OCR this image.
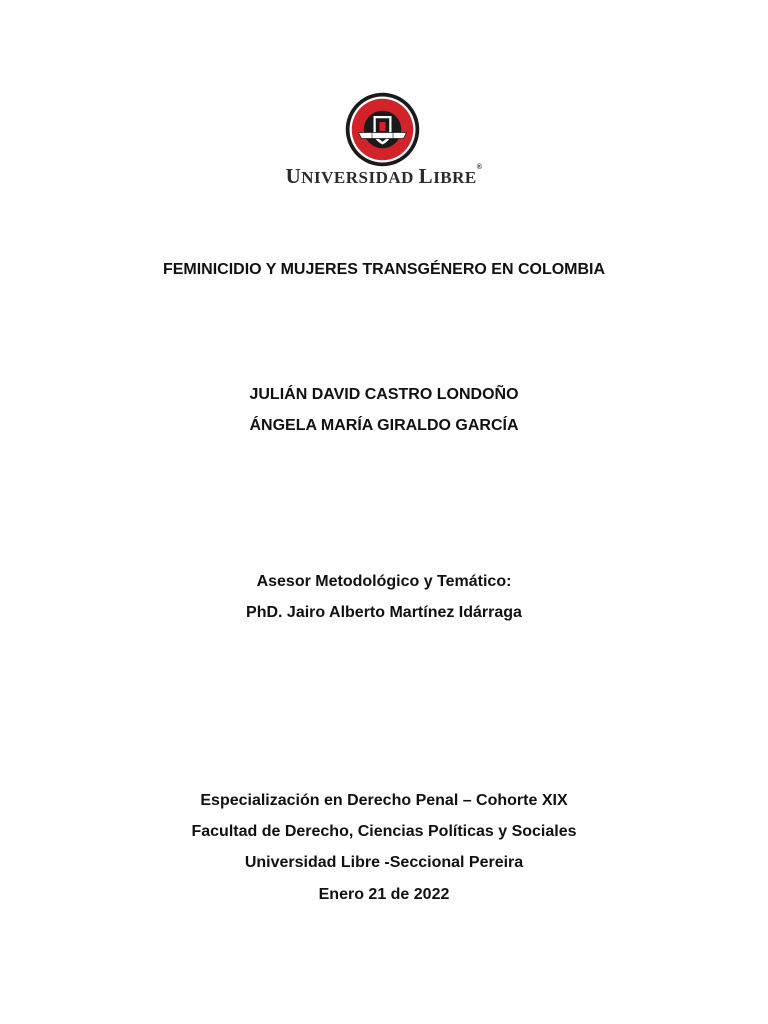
UNIVERSIDAD LIBRE®
FEMINICIDIO Y MUJERES TRANSGÉNERO EN COLOMBIA
JULIÁN DAVID CASTRO LONDOÑO
ÁNGELA MARÍA GIRALDO GARCÍA
Asesor Metodológico y Temático:
PhD. Jairo Alberto Martínez Idárraga
Especialización en Derecho Penal – Cohorte XIX
Facultad de Derecho, Ciencias Políticas y Sociales
Universidad Libre -Seccional Pereira
Enero 21 de 2022
